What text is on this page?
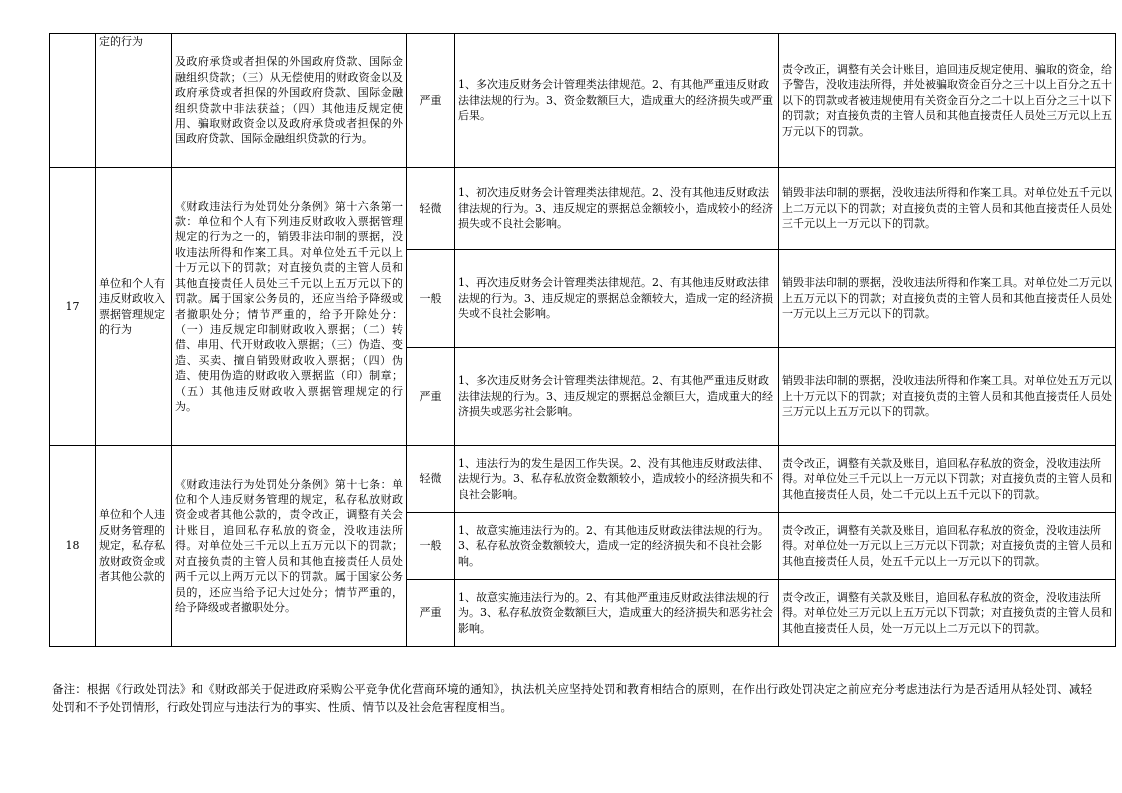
	定的行为	及政府承贷或者担保的外国政府贷款、国际金融组织贷款；（三）从无偿使用的财政资金以及政府承贷或者担保的外国政府贷款、国际金融组织贷款中非法获益；（四）其他违反规定使用、骗取财政资金以及政府承贷或者担保的外国政府贷款、国际金融组织贷款的行为。	严重	1、多次违反财务会计管理类法律规范。2、有其他严重违反财政法律法规的行为。3、资金数额巨大，造成重大的经济损失或严重后果。	责令改正，调整有关会计账目，追回违反规定使用、骗取的资金，给予警告，没收违法所得，并处被骗取资金百分之三十以上百分之五十以下的罚款或者被违规使用有关资金百分之二十以上百分之三十以下的罚款；对直接负责的主管人员和其他直接责任人员处三万元以上五万元以下的罚款。
17	单位和个人有违反财政收入票据管理规定的行为	《财政违法行为处罚处分条例》第十六条第一款：单位和个人有下列违反财政收入票据管理规定的行为之一的，销毁非法印制的票据，没收违法所得和作案工具。对单位处五千元以上十万元以下的罚款；对直接负责的主管人员和其他直接责任人员处三千元以上五万元以下的罚款。属于国家公务员的，还应当给予降级或者撤职处分；情节严重的，给予开除处分：（一）违反规定印制财政收入票据；（二）转借、串用、代开财政收入票据；（三）伪造、变造、买卖、擅自销毁财政收入票据；（四）伪造、使用伪造的财政收入票据监（印）制章；（五）其他违反财政收入票据管理规定的行为。	轻微	1、初次违反财务会计管理类法律规范。2、没有其他违反财政法律法规的行为。3、违反规定的票据总金额较小，造成较小的经济损失或不良社会影响。	销毁非法印制的票据，没收违法所得和作案工具。对单位处五千元以上二万元以下的罚款；对直接负责的主管人员和其他直接责任人员处三千元以上一万元以下的罚款。
			一般	1、再次违反财务会计管理类法律规范。2、有其他违反财政法律法规的行为。3、违反规定的票据总金额较大，造成一定的经济损失或不良社会影响。	销毁非法印制的票据，没收违法所得和作案工具。对单位处二万元以上五万元以下的罚款；对直接负责的主管人员和其他直接责任人员处一万元以上三万元以下的罚款。
			严重	1、多次违反财务会计管理类法律规范。2、有其他严重违反财政法律法规的行为。3、违反规定的票据总金额巨大，造成重大的经济损失或恶劣社会影响。	销毁非法印制的票据，没收违法所得和作案工具。对单位处五万元以上十万元以下的罚款；对直接负责的主管人员和其他直接责任人员处三万元以上五万元以下的罚款。
18	单位和个人违反财务管理的规定，私存私放财政资金或者其他公款的	《财政违法行为处罚处分条例》第十七条：单位和个人违反财务管理的规定，私存私放财政资金或者其他公款的，责令改正，调整有关会计账目，追回私存私放的资金，没收违法所得。对单位处三千元以上五万元以下的罚款；对直接负责的主管人员和其他直接责任人员处两千元以上两万元以下的罚款。属于国家公务员的，还应当给予记大过处分；情节严重的，给予降级或者撤职处分。	轻微	1、违法行为的发生是因工作失误。2、没有其他违反财政法律、法规行为。3、私存私放资金数额较小，造成较小的经济损失和不良社会影响。	责令改正，调整有关款及账目，追回私存私放的资金，没收违法所得。对单位处三千元以上一万元以下罚款；对直接负责的主管人员和其他直接责任人员，处二千元以上五千元以下的罚款。
			一般	1、故意实施违法行为的。2、有其他违反财政法律法规的行为。3、私存私放资金数额较大，造成一定的经济损失和不良社会影响。	责令改正，调整有关款及账目，追回私存私放的资金，没收违法所得。对单位处一万元以上三万元以下罚款；对直接负责的主管人员和其他直接责任人员，处五千元以上一万元以下的罚款。
			严重	1、故意实施违法行为的。2、有其他严重违反财政法律法规的行为。3、私存私放资金数额巨大，造成重大的经济损失和恶劣社会影响。	责令改正，调整有关款及账目，追回私存私放的资金，没收违法所得。对单位处三万元以上五万元以下罚款；对直接负责的主管人员和其他直接责任人员，处一万元以上二万元以下的罚款。
备注：根据《行政处罚法》和《财政部关于促进政府采购公平竞争优化营商环境的通知》，执法机关应坚持处罚和教育相结合的原则，在作出行政处罚决定之前应充分考虑违法行为是否适用从轻处罚、减轻处罚和不予处罚情形，行政处罚应与违法行为的事实、性质、情节以及社会危害程度相当。
